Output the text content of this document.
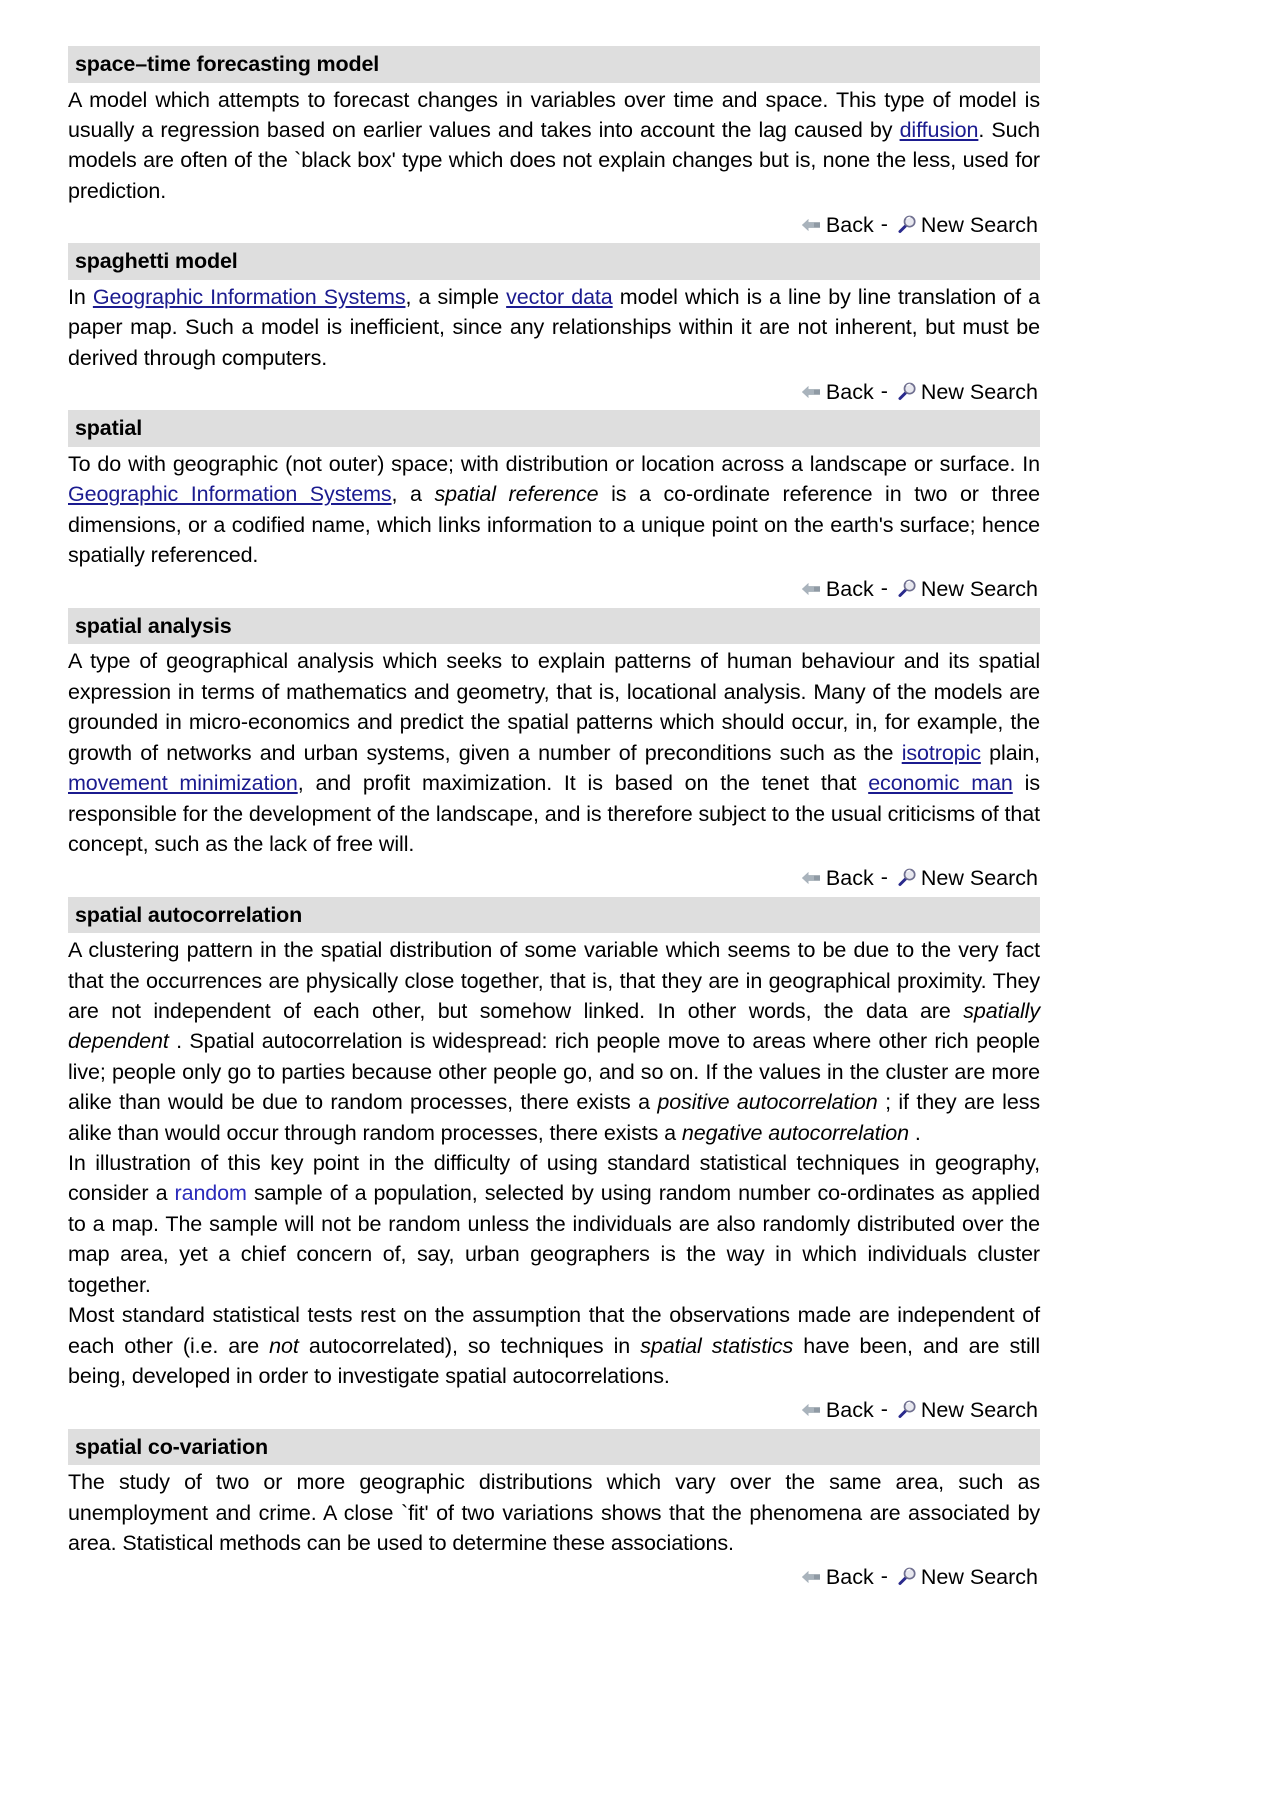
space–time forecasting model

A model which attempts to forecast changes in variables over time and space. This type of model is usually a regression based on earlier values and takes into account the lag caused by diffusion. Such models are often of the `black box' type which does not explain changes but is, none the less, used for prediction.

Back - New Search
spaghetti model

In Geographic Information Systems, a simple vector data model which is a line by line translation of a paper map. Such a model is inefficient, since any relationships within it are not inherent, but must be derived through computers.

Back - New Search
spatial

To do with geographic (not outer) space; with distribution or location across a landscape or surface. In Geographic Information Systems, a spatial reference is a co-ordinate reference in two or three dimensions, or a codified name, which links information to a unique point on the earth's surface; hence spatially referenced.

Back - New Search
spatial analysis

A type of geographical analysis which seeks to explain patterns of human behaviour and its spatial expression in terms of mathematics and geometry, that is, locational analysis. Many of the models are grounded in micro-economics and predict the spatial patterns which should occur, in, for example, the growth of networks and urban systems, given a number of preconditions such as the isotropic plain, movement minimization, and profit maximization. It is based on the tenet that economic man is responsible for the development of the landscape, and is therefore subject to the usual criticisms of that concept, such as the lack of free will.

Back - New Search
spatial autocorrelation

A clustering pattern in the spatial distribution of some variable which seems to be due to the very fact that the occurrences are physically close together, that is, that they are in geographical proximity. They are not independent of each other, but somehow linked. In other words, the data are spatially dependent . Spatial autocorrelation is widespread: rich people move to areas where other rich people live; people only go to parties because other people go, and so on. If the values in the cluster are more alike than would be due to random processes, there exists a positive autocorrelation ; if they are less alike than would occur through random processes, there exists a negative autocorrelation .

In illustration of this key point in the difficulty of using standard statistical techniques in geography, consider a random sample of a population, selected by using random number co-ordinates as applied to a map. The sample will not be random unless the individuals are also randomly distributed over the map area, yet a chief concern of, say, urban geographers is the way in which individuals cluster together.

Most standard statistical tests rest on the assumption that the observations made are independent of each other (i.e. are not autocorrelated), so techniques in spatial statistics have been, and are still being, developed in order to investigate spatial autocorrelations.

Back - New Search
spatial co-variation

The study of two or more geographic distributions which vary over the same area, such as unemployment and crime. A close `fit' of two variations shows that the phenomena are associated by area. Statistical methods can be used to determine these associations.

Back - New Search
